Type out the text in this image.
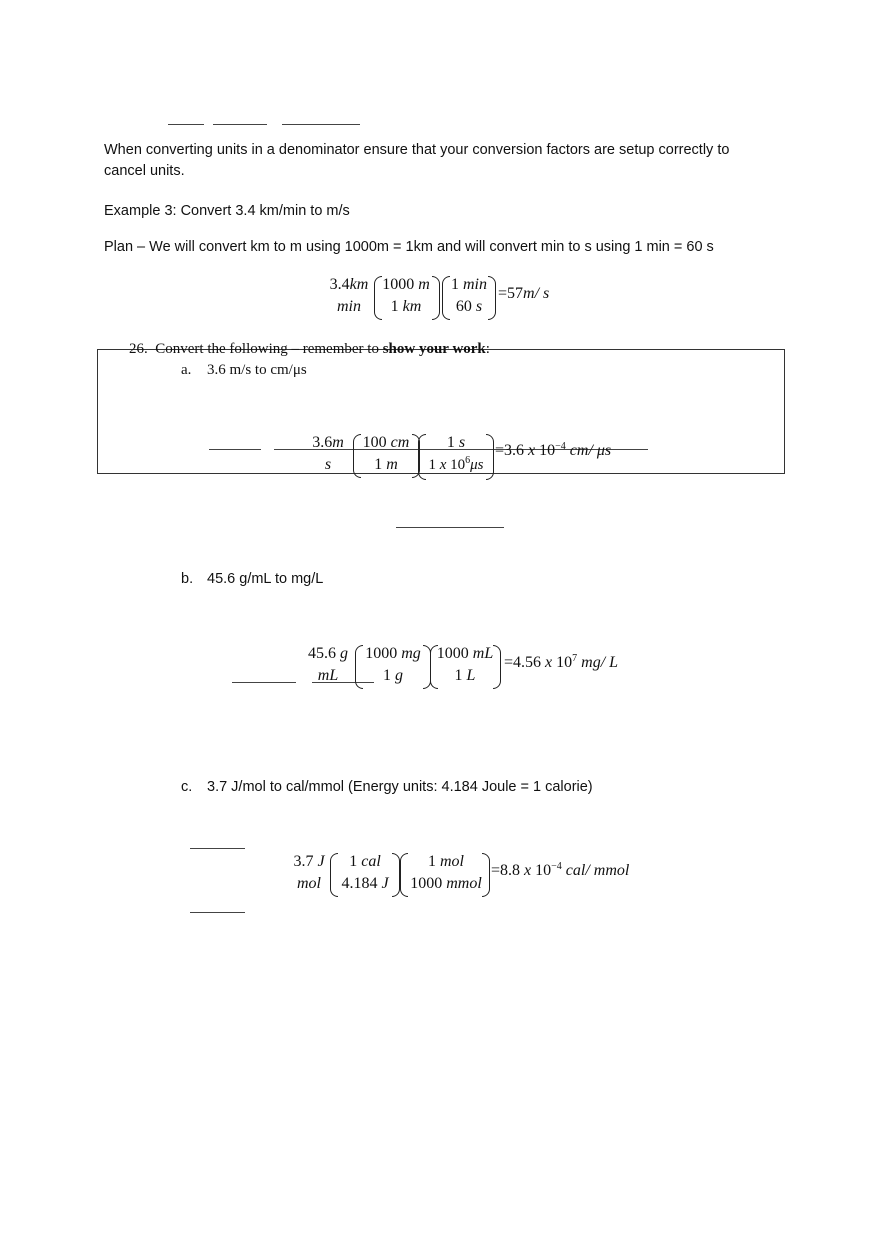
When converting units in a denominator ensure that your conversion factors are setup correctly to cancel units.
Example 3: Convert 3.4 km/min to m/s
Plan – We will convert km to m using 1000m = 1km and will convert min to s using 1 min = 60 s
3.4km
min
1000 m
1 km
1 min
60 s
=57m/ s
26. Convert the following – remember to show your work:
a. 3.6 m/s to cm/μs
3.6m
s
100 cm
1 m
1 s
1 x $10^6\mu s$
=3.6 x $10^{-4}$ cm/ μs
b. 45.6 g/mL to mg/L
45.6 g
mL
1000 mg
1 g
1000 mL
1 L
=4.56 x $10^7$ mg/ L
c. 3.7 J/mol to cal/mmol (Energy units: 4.184 Joule = 1 calorie)
3.7 J
mol
1 cal
4.184 J
1 mol
1000 mmol
=8.8 x $10^{-4}$ cal/ mmol
